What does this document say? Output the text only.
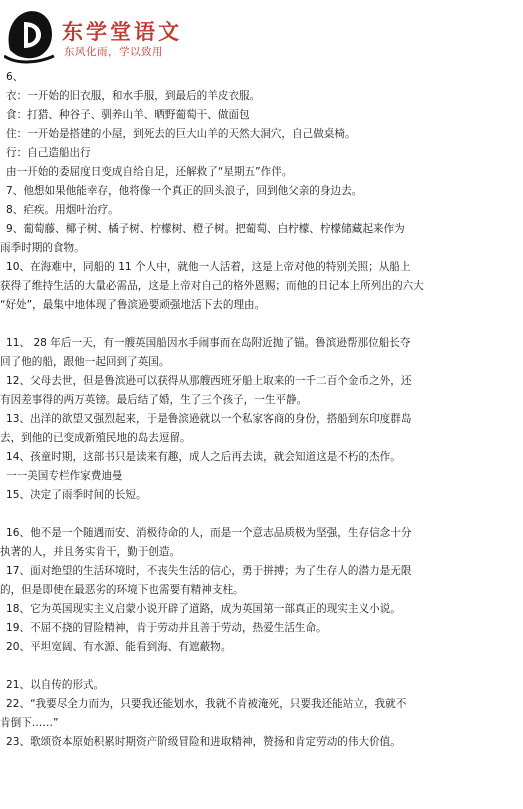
东学堂语文
东风化雨，学以致用

6、

衣：一开始的旧衣服，和水手服，到最后的羊皮衣服。

食：打猎、种谷子、驯养山羊、晒野葡萄干、做面包

住：一开始是搭建的小屋，到死去的巨大山羊的天然大洞穴，自己做桌椅。

行：自己造船出行

由一开始的委屈度日变成自给自足，还解救了“星期五”作伴。

7、他想如果他能幸存，他将像一个真正的回头浪子，回到他父亲的身边去。

8、疟疾。用烟叶治疗。

9、葡萄藤、椰子树、橘子树、柠檬树、橙子树。把葡萄、白柠檬、柠檬储藏起来作为

雨季时期的食物。

10、在海难中，同船的 11 个人中，就他一人活着，这是上帝对他的特别关照；从船上

获得了维持生活的大量必需品，这是上帝对自己的格外恩赐；而他的日记本上所列出的六大

“好处”，最集中地体现了鲁滨逊要顽强地活下去的理由。

11、 28 年后一天，有一艘英国船因水手闹事而在岛附近抛了锚。鲁滨逊帮那位船长夺

回了他的船，跟他一起回到了英国。

12、父母去世，但是鲁滨逊可以获得从那艘西班牙船上取来的一千二百个金币之外，还

有因差事得的两万英镑。最后结了婚，生了三个孩子，一生平静。

13、出洋的欲望又强烈起来，于是鲁滨逊就以一个私家客商的身份，搭船到东印度群岛

去，到他的已变成新殖民地的岛去逗留。

14、孩童时期，这部书只是读来有趣，成人之后再去读，就会知道这是不朽的杰作。

一一美国专栏作家费迪曼

15、决定了雨季时间的长短。

16、他不是一个随遇而安、消极待命的人，而是一个意志品质极为坚强，生存信念十分

执著的人，并且务实肯干，勤于创造。

17、面对绝望的生活环境时，不丧失生活的信心，勇于拼搏；为了生存人的潜力是无限

的，但是即使在最恶劣的环境下也需要有精神支柱。

18、它为英国现实主义启蒙小说开辟了道路，成为英国第一部真正的现实主义小说。

19、不屈不挠的冒险精神，肯于劳动并且善于劳动，热爱生活生命。

20、平坦宽阔、有水源、能看到海、有遮蔽物。

21、以自传的形式。

22、“我要尽全力而为，只要我还能划水，我就不肯被淹死，只要我还能站立，我就不

肯倒下……”

23、歌颂资本原始积累时期资产阶级冒险和进取精神，赞扬和肯定劳动的伟大价值。
